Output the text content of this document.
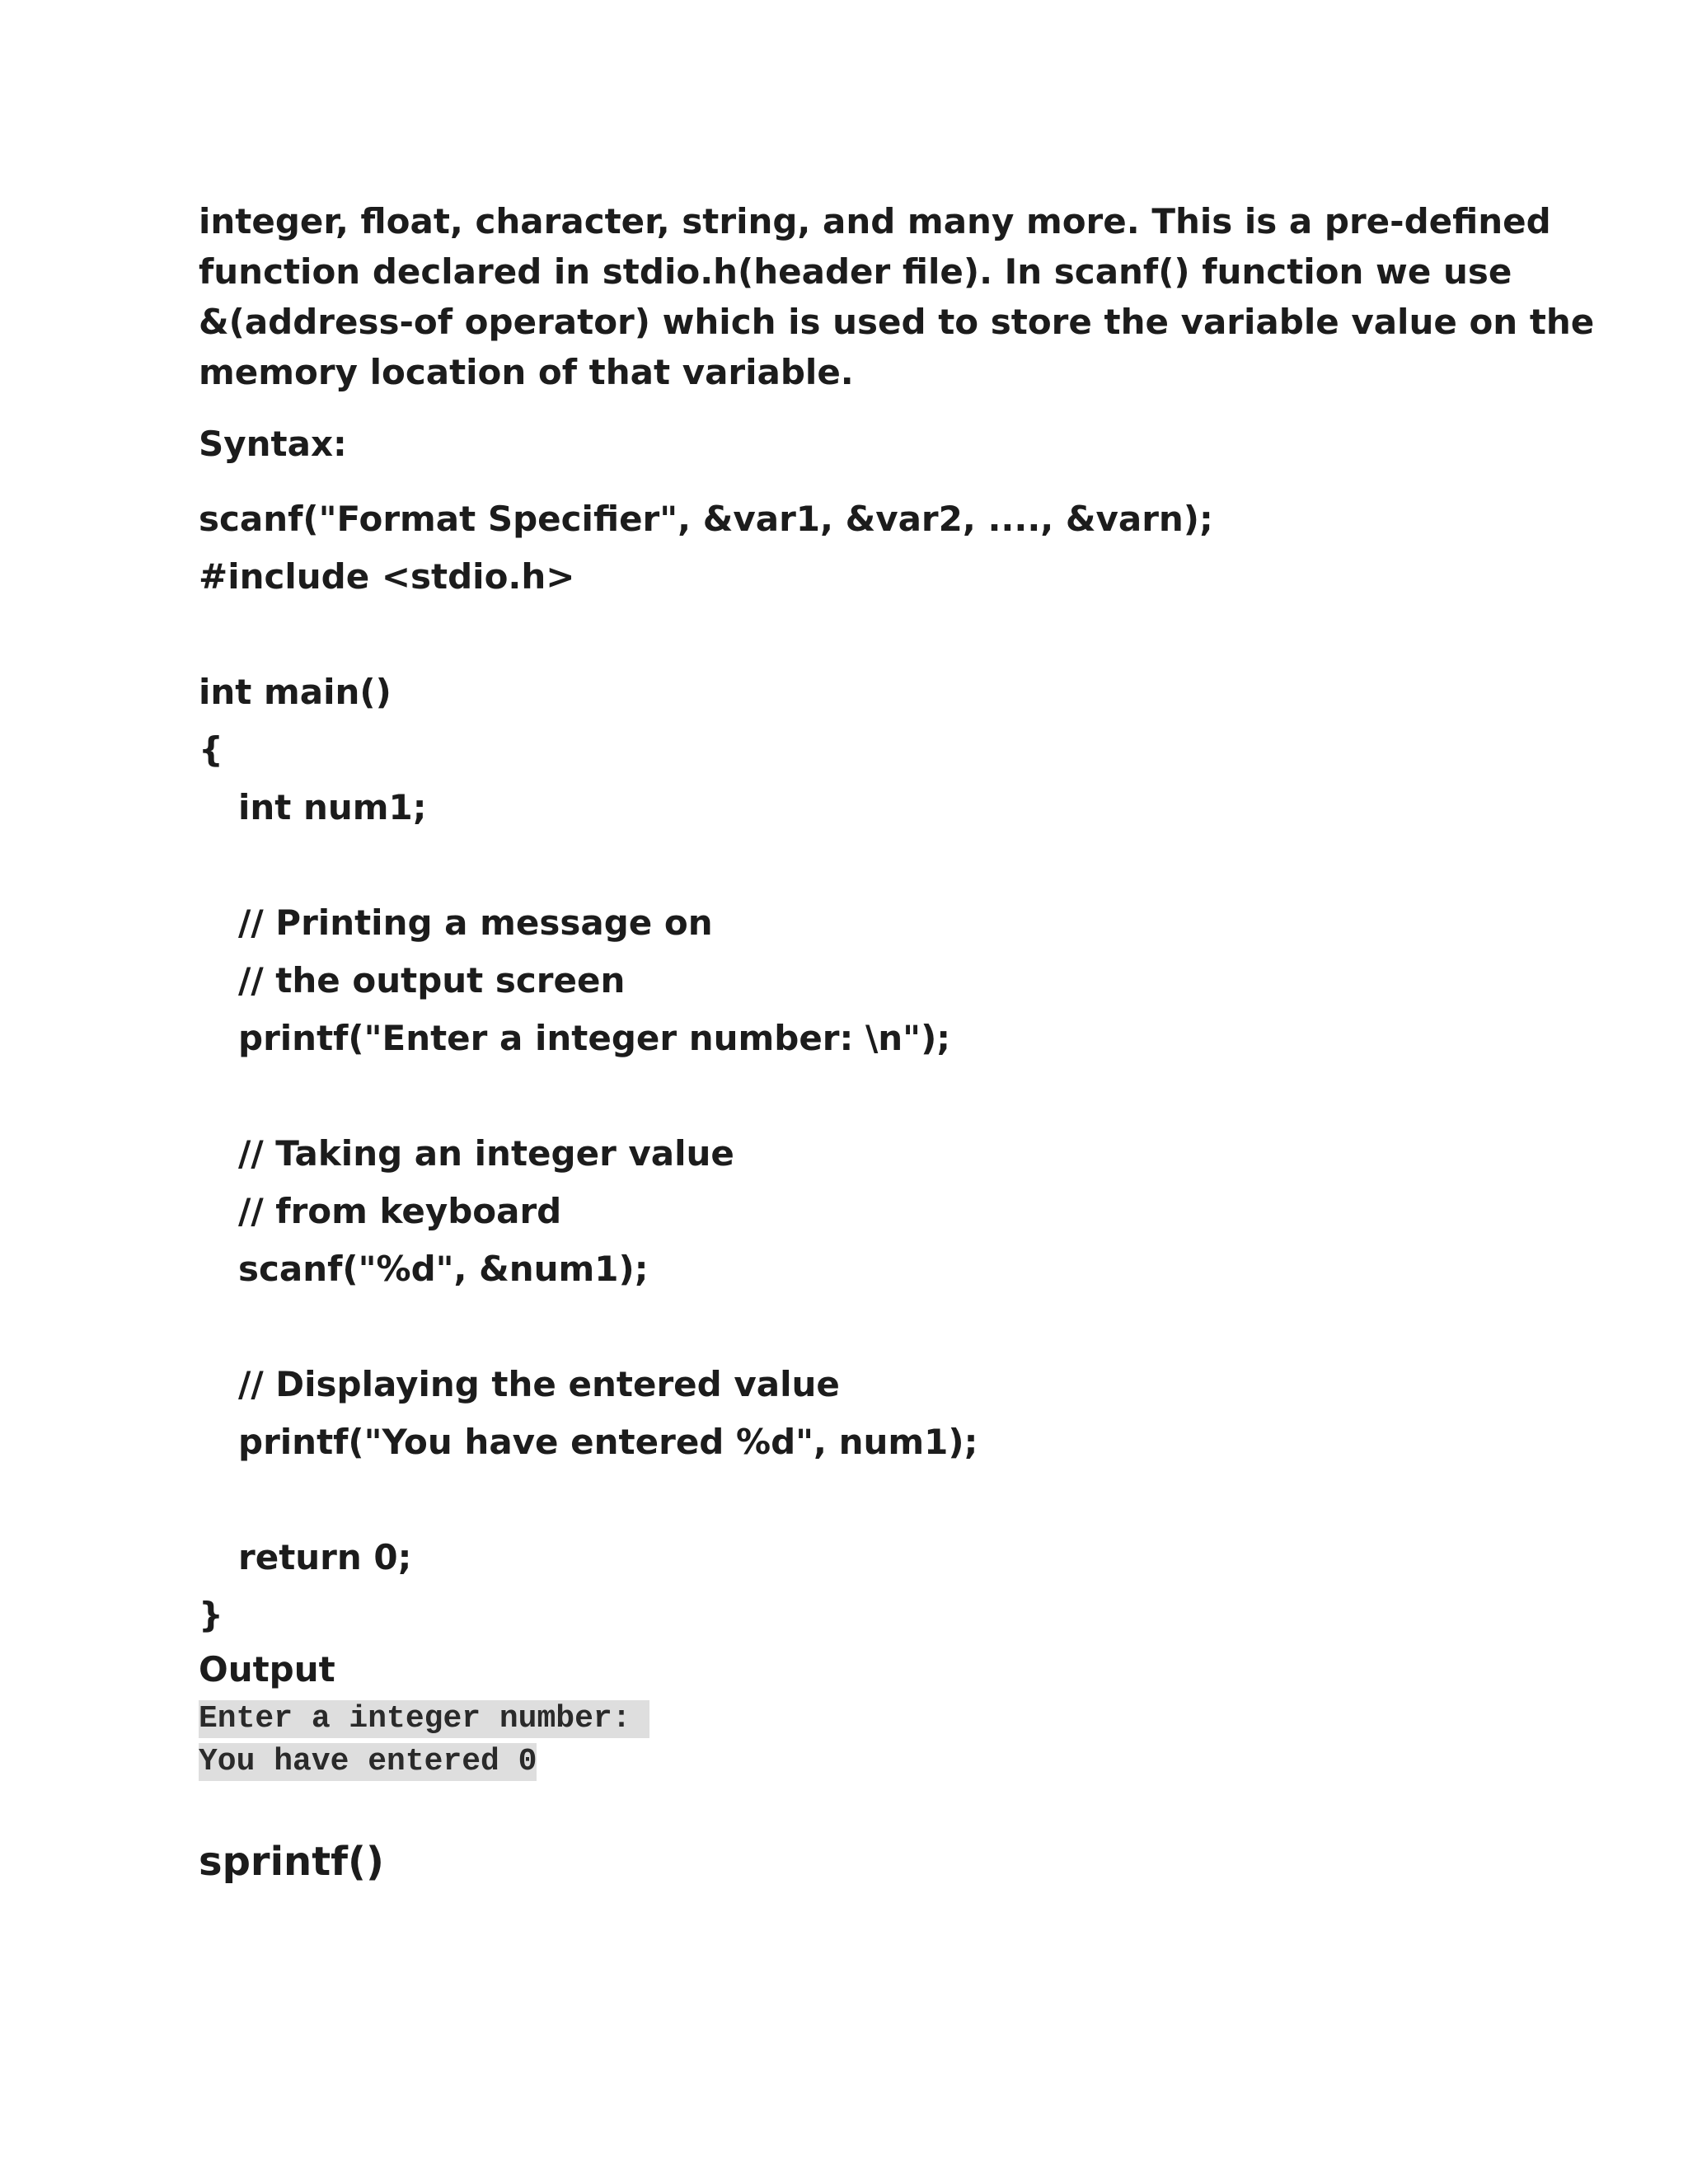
integer, float, character, string, and many more. This is a pre-defined

function declared in stdio.h(header file). In scanf() function we use

&(address-of operator) which is used to store the variable value on the

memory location of that variable.

Syntax:
scanf("Format Specifier", &var1, &var2, ...., &varn);
#include <stdio.h>
int main()
{
int num1;
// Printing a message on
// the output screen
printf("Enter a integer number: \n");
// Taking an integer value
// from keyboard
scanf("%d", &num1);
// Displaying the entered value
printf("You have entered %d", num1);
return 0;
}
Output
Enter a integer number:
You have entered 0
sprintf()
